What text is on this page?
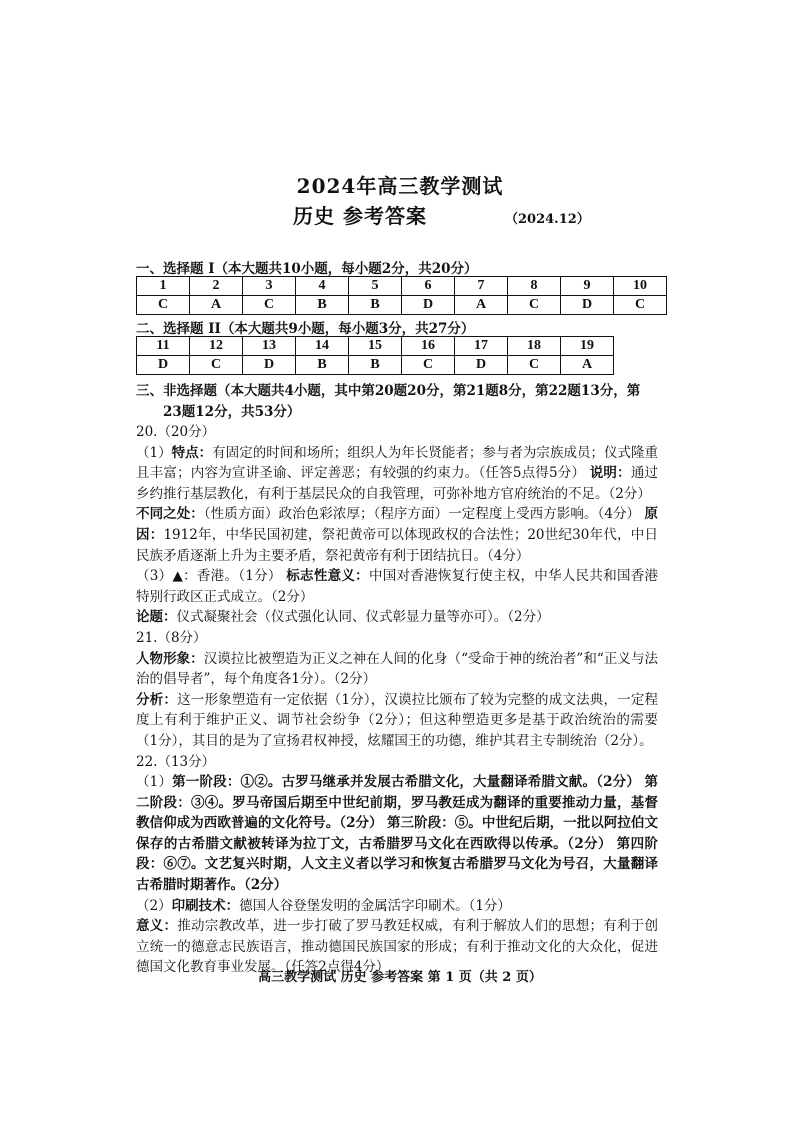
2024年高三教学测试
历史 参考答案	（2024.12）
一、选择题 I（本大题共10小题，每小题2分，共20分）
1	2	3	4	5	6	7	8	9	10
C	A	C	B	B	D	A	C	D	C
二、选择题 II（本大题共9小题，每小题3分，共27分）
11	12	13	14	15	16	17	18	19
D	C	D	B	B	C	D	C	A
三、非选择题（本大题共4小题，其中第20题20分，第21题8分，第22题13分，第
23题12分，共53分）

20.（20分）

（1）特点：有固定的时间和场所；组织人为年长贤能者；参与者为宗族成员；仪式隆重且丰富；内容为宣讲圣谕、评定善恶；有较强的约束力。（任答5点得5分） 说明：通过乡约推行基层教化，有利于基层民众的自我管理，可弥补地方官府统治的不足。（2分）

不同之处：（性质方面）政治色彩浓厚；（程序方面）一定程度上受西方影响。（4分） 原因：1912年，中华民国初建，祭祀黄帝可以体现政权的合法性；20世纪30年代，中日民族矛盾逐渐上升为主要矛盾，祭祀黄帝有利于团结抗日。（4分）

（3）▲：香港。（1分） 标志性意义：中国对香港恢复行使主权，中华人民共和国香港特别行政区正式成立。（2分）

论题：仪式凝聚社会（仪式强化认同、仪式彰显力量等亦可）。（2分）

21.（8分）

人物形象：汉谟拉比被塑造为正义之神在人间的化身（“受命于神的统治者”和“正义与法治的倡导者”，每个角度各1分）。（2分）

分析：这一形象塑造有一定依据（1分），汉谟拉比颁布了较为完整的成文法典，一定程度上有利于维护正义、调节社会纷争（2分）；但这种塑造更多是基于政治统治的需要（1分），其目的是为了宣扬君权神授，炫耀国王的功德，维护其君主专制统治（2分）。

22.（13分）

（1）第一阶段：①②。古罗马继承并发展古希腊文化，大量翻译希腊文献。（2分） 第二阶段：③④。罗马帝国后期至中世纪前期，罗马教廷成为翻译的重要推动力量，基督教信仰成为西欧普遍的文化符号。（2分） 第三阶段：⑤。中世纪后期，一批以阿拉伯文保存的古希腊文献被转译为拉丁文，古希腊罗马文化在西欧得以传承。（2分） 第四阶段：⑥⑦。文艺复兴时期，人文主义者以学习和恢复古希腊罗马文化为号召，大量翻译古希腊时期著作。（2分）

（2）印刷技术：德国人谷登堡发明的金属活字印刷术。（1分）

意义：推动宗教改革，进一步打破了罗马教廷权威，有利于解放人们的思想；有利于创立统一的德意志民族语言，推动德国民族国家的形成；有利于推动文化的大众化，促进德国文化教育事业发展。（任答2点得4分）

高三教学测试 历史 参考答案 第 1 页（共 2 页）
